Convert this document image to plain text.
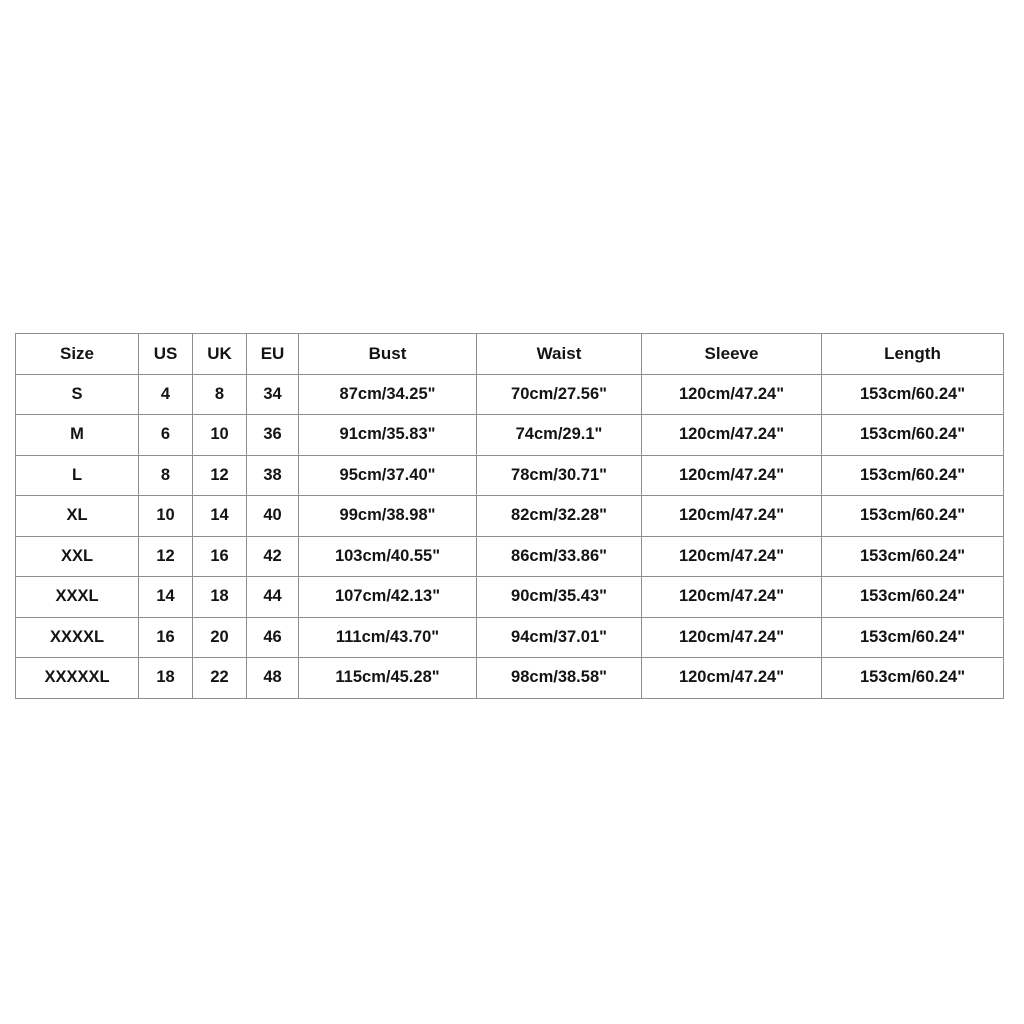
Size	US	UK	EU	Bust	Waist	Sleeve	Length
S	4	8	34	87cm/34.25"	70cm/27.56"	120cm/47.24"	153cm/60.24"
M	6	10	36	91cm/35.83"	74cm/29.1"	120cm/47.24"	153cm/60.24"
L	8	12	38	95cm/37.40"	78cm/30.71"	120cm/47.24"	153cm/60.24"
XL	10	14	40	99cm/38.98"	82cm/32.28"	120cm/47.24"	153cm/60.24"
XXL	12	16	42	103cm/40.55"	86cm/33.86"	120cm/47.24"	153cm/60.24"
XXXL	14	18	44	107cm/42.13"	90cm/35.43"	120cm/47.24"	153cm/60.24"
XXXXL	16	20	46	111cm/43.70"	94cm/37.01"	120cm/47.24"	153cm/60.24"
XXXXXL	18	22	48	115cm/45.28"	98cm/38.58"	120cm/47.24"	153cm/60.24"
